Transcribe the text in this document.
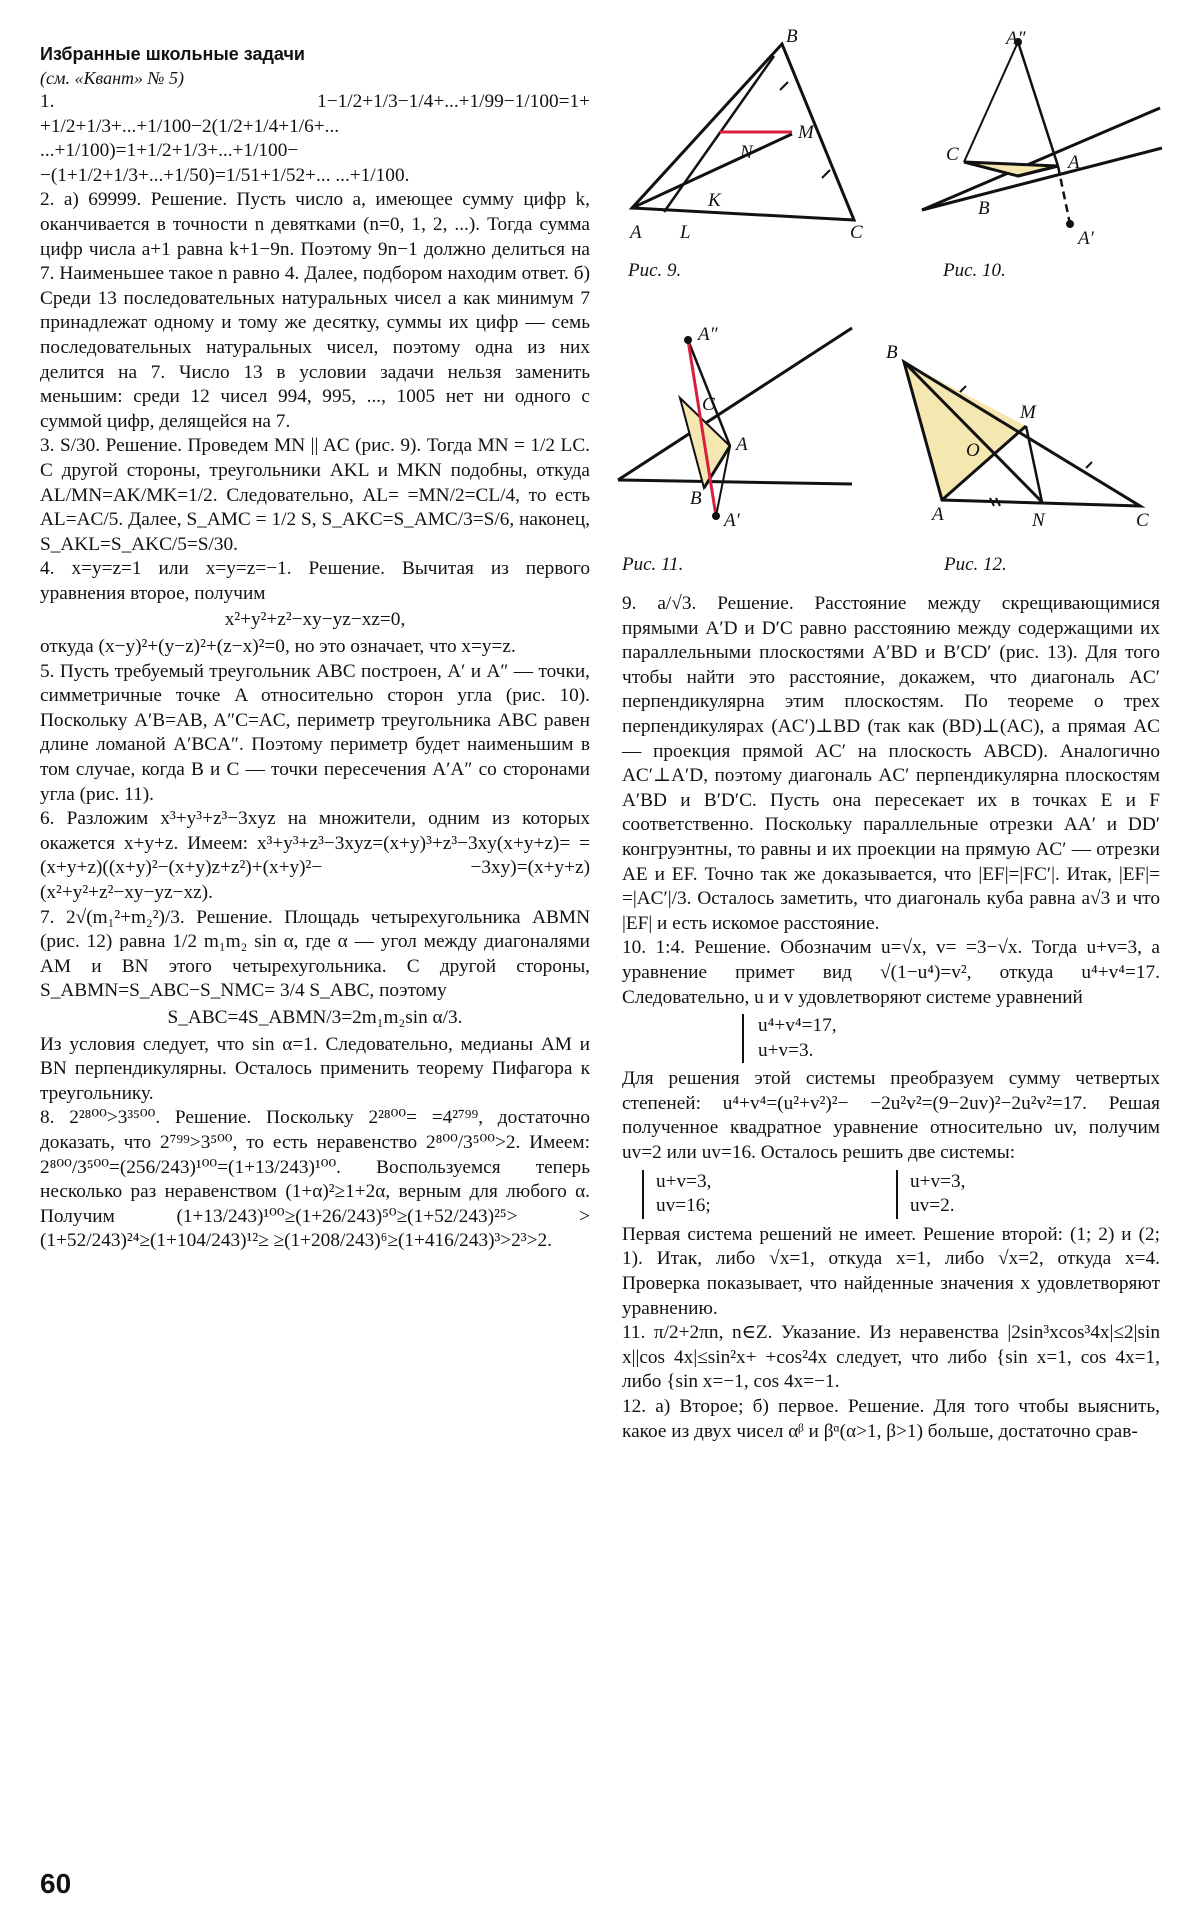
Избранные школьные задачи
(см. «Квант» № 5)

1. 1−1/2+1/3−1/4+...+1/99−1/100=1+ +1/2+1/3+...+1/100−2(1/2+1/4+1/6+... ...+1/100)=1+1/2+1/3+...+1/100− −(1+1/2+1/3+...+1/50)=1/51+1/52+... ...+1/100.

2. а) 69999. Решение. Пусть число a, имеющее сумму цифр k, оканчивается в точности n девятками (n=0, 1, 2, ...). Тогда сумма цифр числа a+1 равна k+1−9n. Поэтому 9n−1 должно делиться на 7. Наименьшее такое n равно 4. Далее, подбором находим ответ. б) Среди 13 последовательных натуральных чисел a как минимум 7 принадлежат одному и тому же десятку, суммы их цифр — семь последовательных натуральных чисел, поэтому одна из них делится на 7. Число 13 в условии задачи нельзя заменить меньшим: среди 12 чисел 994, 995, ..., 1005 нет ни одного с суммой цифр, делящейся на 7.

3. S/30. Решение. Проведем MN || AC (рис. 9). Тогда MN = 1/2 LC. С другой стороны, треугольники AKL и MKN подобны, откуда AL/MN=AK/MK=1/2. Следовательно, AL= =MN/2=CL/4, то есть AL=AC/5. Далее, S_AMC = 1/2 S, S_AKC=S_AMC/3=S/6, наконец, S_AKL=S_AKC/5=S/30.

4. x=y=z=1 или x=y=z=−1. Решение. Вычитая из первого уравнения второе, получим

x²+y²+z²−xy−yz−xz=0,

откуда (x−y)²+(y−z)²+(z−x)²=0, но это означает, что x=y=z.

5. Пусть требуемый треугольник ABC построен, A′ и A″ — точки, симметричные точке A относительно сторон угла (рис. 10). Поскольку A′B=AB, A″C=AC, периметр треугольника ABC равен длине ломаной A′BCA″. Поэтому периметр будет наименьшим в том случае, когда B и C — точки пересечения A′A″ со сторонами угла (рис. 11).

6. Разложим x³+y³+z³−3xyz на множители, одним из которых окажется x+y+z. Имеем: x³+y³+z³−3xyz=(x+y)³+z³−3xy(x+y+z)= =(x+y+z)((x+y)²−(x+y)z+z²)+(x+y)²− −3xy)=(x+y+z)(x²+y²+z²−xy−yz−xz).

7. 2√(m₁²+m₂²)/3. Решение. Площадь четырехугольника ABMN (рис. 12) равна 1/2 m₁m₂ sin α, где α — угол между диагоналями AM и BN этого четырехугольника. С другой стороны, S_ABMN=S_ABC−S_NMC= 3/4 S_ABC, поэтому

S_ABC=4S_ABMN/3=2m₁m₂sin α/3.

Из условия следует, что sin α=1. Следовательно, медианы AM и BN перпендикулярны. Осталось применить теорему Пифагора к треугольнику.

8. 2²⁸⁰⁰>3³⁵⁰⁰. Решение. Поскольку 2²⁸⁰⁰= =4²⁷⁹⁹, достаточно доказать, что 2⁷⁹⁹>3⁵⁰⁰, то есть неравенство 2⁸⁰⁰/3⁵⁰⁰>2. Имеем: 2⁸⁰⁰/3⁵⁰⁰=(256/243)¹⁰⁰=(1+13/243)¹⁰⁰. Воспользуемся теперь несколько раз неравенством (1+α)²≥1+2α, верным для любого α. Получим (1+13/243)¹⁰⁰≥(1+26/243)⁵⁰≥(1+52/243)²⁵> >(1+52/243)²⁴≥(1+104/243)¹²≥ ≥(1+208/243)⁶≥(1+416/243)³>2³>2.

B
M
N
K
A L	C
Рис. 9.
A″
C	A
B
A′
Рис. 10.
A″
C
A
B
A′
Рис. 11.
B
M
O
A	N	C
Рис. 12.

9. a/√3. Решение. Расстояние между скрещивающимися прямыми A′D и D′C равно расстоянию между содержащими их параллельными плоскостями A′BD и B′CD′ (рис. 13). Для того чтобы найти это расстояние, докажем, что диагональ AC′ перпендикулярна этим плоскостям. По теореме о трех перпендикулярах (AC′)⊥BD (так как (BD)⊥(AC), а прямая AC — проекция прямой AC′ на плоскость ABCD). Аналогично AC′⊥A′D, поэтому диагональ AC′ перпендикулярна плоскостям A′BD и B′D′C. Пусть она пересекает их в точках E и F соответственно. Поскольку параллельные отрезки AA′ и DD′ конгруэнтны, то равны и их проекции на прямую AC′ — отрезки AE и EF. Точно так же доказывается, что |EF|=|FC′|. Итак, |EF|= =|AC′|/3. Осталось заметить, что диагональ куба равна a√3 и что |EF| и есть искомое расстояние.

10. 1:4. Решение. Обозначим u=√x, v= =3−√x. Тогда u+v=3, а уравнение примет вид √(1−u⁴)=v², откуда u⁴+v⁴=17. Следовательно, u и v удовлетворяют системе уравнений

u⁴+v⁴=17,
u+v=3.

Для решения этой системы преобразуем сумму четвертых степеней: u⁴+v⁴=(u²+v²)²− −2u²v²=(9−2uv)²−2u²v²=17. Решая полученное квадратное уравнение относительно uv, получим uv=2 или uv=16. Осталось решить две системы:

u+v=3,
uv=16;
u+v=3,
uv=2.

Первая система решений не имеет. Решение второй: (1; 2) и (2; 1). Итак, либо √x=1, откуда x=1, либо √x=2, откуда x=4. Проверка показывает, что найденные значения x удовлетворяют уравнению.

11. π/2+2πn, n∈Z. Указание. Из неравенства |2sin³xcos³4x|≤2|sin x||cos 4x|≤sin²x+ +cos²4x следует, что либо {sin x=1, cos 4x=1, либо {sin x=−1, cos 4x=−1.

12. а) Второе; б) первое. Решение. Для того чтобы выяснить, какое из двух чисел αᵝ и βᵅ(α>1, β>1) больше, достаточно срав-

60
